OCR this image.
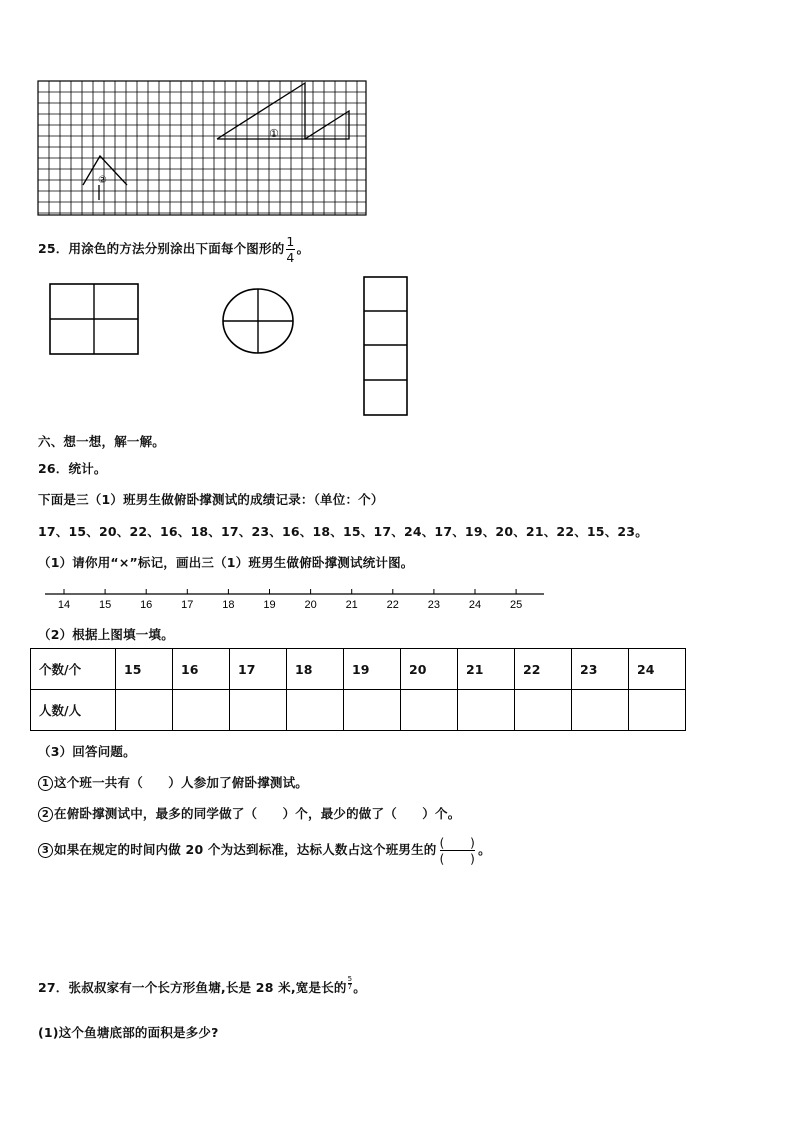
①
②
25．用涂色的方法分别涂出下面每个图形的 $\frac{1}{4}$ 。
六、想一想，解一解。
26．统计。
下面是三（1）班男生做俯卧撑测试的成绩记录：（单位：个）
17、15、20、22、16、18、17、23、16、18、15、17、24、17、19、20、21、22、15、23。
（1）请你用“×”标记，画出三（1）班男生做俯卧撑测试统计图。
14	15	16	17	18	19	20	21	22	23	24	25
（2）根据上图填一填。
个数/个	15	16	17	18	19	20	21	22	23	24
人数/人										
（3）回答问题。
1 这个班一共有（　　）人参加了俯卧撑测试。
2 在俯卧撑测试中，最多的同学做了（　　）个，最少的做了（　　）个。
3 如果在规定的时间内做 20 个为达到标准，达标人数占这个班男生的 $\frac{( )}{( )}$ 。
27．张叔叔家有一个长方形鱼塘,长是 28 米,宽是长的 $\frac{5}{7}$ 。
(1)这个鱼塘底部的面积是多少?
